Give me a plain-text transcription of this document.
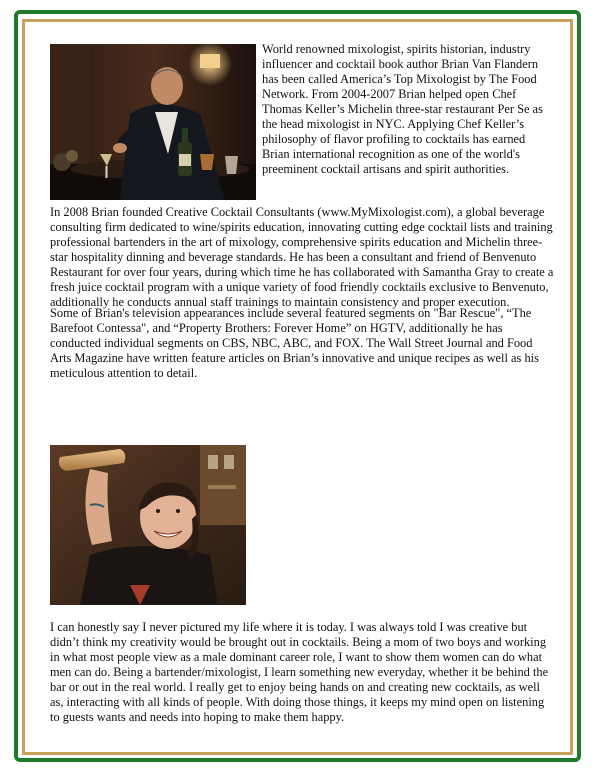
World renowned mixologist, spirits historian, industry influencer and cocktail book author Brian Van Flandern has been called America’s Top Mixologist by The Food Network. From 2004-2007 Brian helped open Chef Thomas Keller’s Michelin three-star restaurant Per Se as the head mixologist in NYC. Applying Chef Keller’s philosophy of flavor profiling to cocktails has earned Brian international recognition as one of the world's preeminent cocktail artisans and spirit authorities.

In 2008 Brian founded Creative Cocktail Consultants (www.MyMixologist.com), a global beverage consulting firm dedicated to wine/spirits education, innovating cutting edge cocktail lists and training professional bartenders in the art of mixology, comprehensive spirits education and Michelin three-star hospitality dinning and beverage standards. He has been a consultant and friend of Benvenuto Restaurant for over four years, during which time he has collaborated with Samantha Gray to create a fresh juice cocktail program with a unique variety of food friendly cocktails exclusive to Benvenuto, additionally he conducts annual staff trainings to maintain consistency and proper execution.

Some of Brian's television appearances include several featured segments on "Bar Rescue", “The Barefoot Contessa", and “Property Brothers: Forever Home” on HGTV, additionally he has conducted individual segments on CBS, NBC, ABC, and FOX. The Wall Street Journal and Food Arts Magazine have written feature articles on Brian’s innovative and unique recipes as well as his meticulous attention to detail.

I can honestly say I never pictured my life where it is today. I was always told I was creative but didn’t think my creativity would be brought out in cocktails. Being a mom of two boys and working in what most people view as a male dominant career role, I want to show them women can do what men can do. Being a bartender/mixologist, I learn something new everyday, whether it be behind the bar or out in the real world. I really get to enjoy being hands on and creating new cocktails, as well as, interacting with all kinds of people. With doing those things, it keeps my mind open on listening to guests wants and needs into hoping to make them happy.
